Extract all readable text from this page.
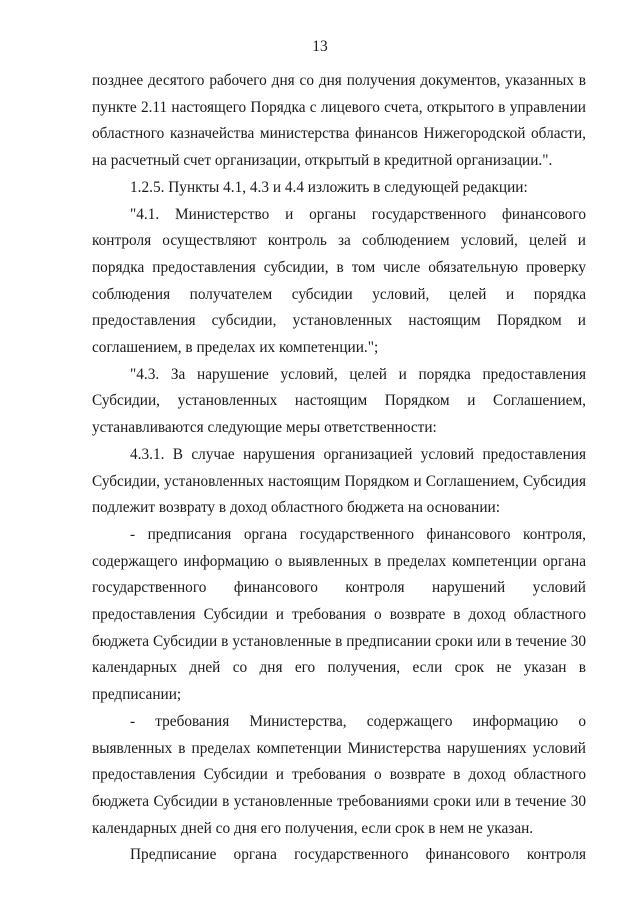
13

позднее десятого рабочего дня со дня получения документов, указанных в пункте 2.11 настоящего Порядка с лицевого счета, открытого в управлении областного казначейства министерства финансов Нижегородской области, на расчетный счет организации, открытый в кредитной организации.".

1.2.5. Пункты 4.1, 4.3 и 4.4 изложить в следующей редакции:

"4.1. Министерство и органы государственного финансового контроля осуществляют контроль за соблюдением условий, целей и порядка предоставления субсидии, в том числе обязательную проверку соблюдения получателем субсидии условий, целей и порядка предоставления субсидии, установленных настоящим Порядком и соглашением, в пределах их компетенции.";

"4.3. За нарушение условий, целей и порядка предоставления Субсидии, установленных настоящим Порядком и Соглашением, устанавливаются следующие меры ответственности:

4.3.1. В случае нарушения организацией условий предоставления Субсидии, установленных настоящим Порядком и Соглашением, Субсидия подлежит возврату в доход областного бюджета на основании:

- предписания органа государственного финансового контроля, содержащего информацию о выявленных в пределах компетенции органа государственного финансового контроля нарушений условий предоставления Субсидии и требования о возврате в доход областного бюджета Субсидии в установленные в предписании сроки или в течение 30 календарных дней со дня его получения, если срок не указан в предписании;

- требования Министерства, содержащего информацию о выявленных в пределах компетенции Министерства нарушениях условий предоставления Субсидии и требования о возврате в доход областного бюджета Субсидии в установленные требованиями сроки или в течение 30 календарных дней со дня его получения, если срок в нем не указан.

Предписание органа государственного финансового контроля
